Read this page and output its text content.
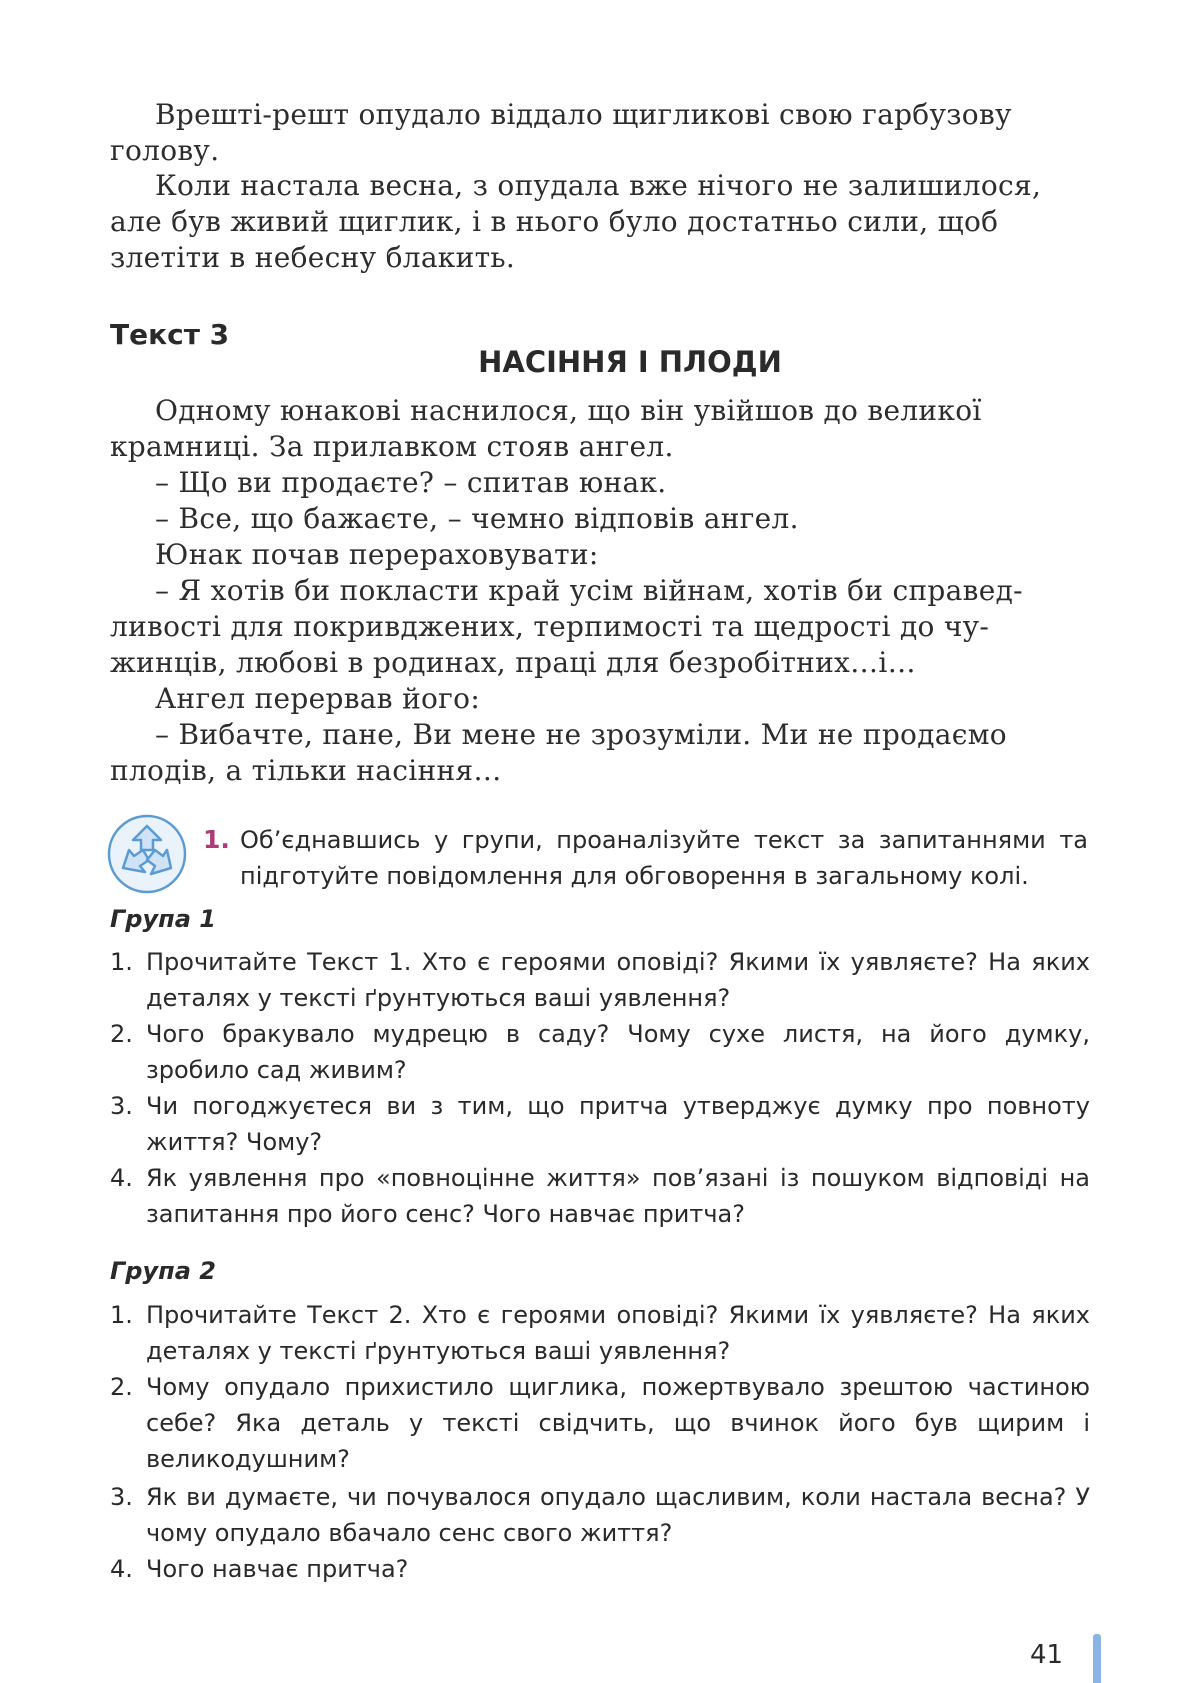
Врешті-решт опудало віддало щигликові свою гарбузову

голову.

Коли настала весна, з опудала вже нічого не залишилося,

але був живий щиглик, і в нього було достатньо сили, щоб

злетіти в небесну блакить.

Текст 3

НАСІННЯ І ПЛОДИ

Одному юнакові наснилося, що він увійшов до великої

крамниці. За прилавком стояв ангел.

– Що ви продаєте? – спитав юнак.

– Все, що бажаєте, – чемно відповів ангел.

Юнак почав перераховувати:

– Я хотів би покласти край усім війнам, хотів би справед-

ливості для покривджених, терпимості та щедрості до чу-

жинців, любові в родинах, праці для безробітних…і…

Ангел перервав його:

– Вибачте, пане, Ви мене не зрозуміли. Ми не продаємо

плодів, а тільки насіння…

1. Об’єднавшись у групи, проаналізуйте текст за запитаннями та підготуйте повідомлення для обговорення в загальному колі.
Група 1
1. Прочитайте Текст 1. Хто є героями оповіді? Якими їх уявляєте? На яких деталях у тексті ґрунтуються ваші уявлення?
2. Чого бракувало мудрецю в саду? Чому сухе листя, на його думку, зробило сад живим?
3. Чи погоджуєтеся ви з тим, що притча утверджує думку про повноту життя? Чому?
4. Як уявлення про «повноцінне життя» пов’язані із пошуком відповіді на запитання про його сенс? Чого навчає притча?
Група 2
1. Прочитайте Текст 2. Хто є героями оповіді? Якими їх уявляєте? На яких деталях у тексті ґрунтуються ваші уявлення?
2. Чому опудало прихистило щиглика, пожертвувало зрештою частиною себе? Яка деталь у тексті свідчить, що вчинок його був щирим і великодушним?
3. Як ви думаєте, чи почувалося опудало щасливим, коли настала весна? У чому опудало вбачало сенс свого життя?
4. Чого навчає притча?
41
